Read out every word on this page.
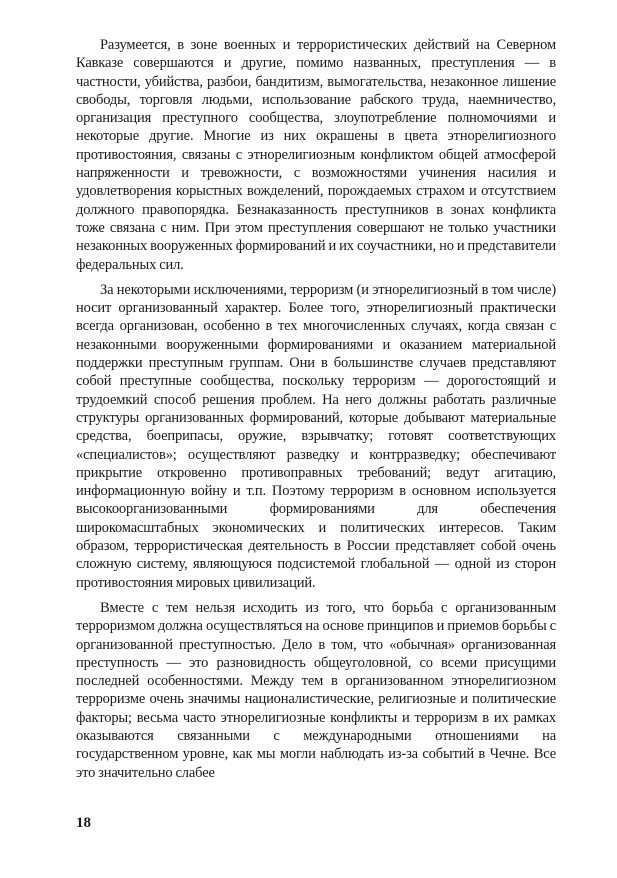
Разумеется, в зоне военных и террористических действий на Северном Кавказе совершаются и другие, помимо названных, преступления — в частности, убийства, разбои, бандитизм, вымогательства, незаконное лишение свободы, торговля людьми, использование рабского труда, наемничество, организация преступного сообщества, злоупотребление полномочиями и некоторые другие. Многие из них окрашены в цвета этнорелигиозного противостояния, связаны с этнорелигиозным конфликтом общей атмосферой напряженности и тревожности, с возможностями учинения насилия и удовлетворения корыстных вожделений, порождаемых страхом и отсутствием должного правопорядка. Безнаказанность преступников в зонах конфликта тоже связана с ним. При этом преступления совершают не только участники незаконных вооруженных формирований и их соучастники, но и представители федеральных сил.

За некоторыми исключениями, терроризм (и этнорелигиозный в том числе) носит организованный характер. Более того, этнорелигиозный практически всегда организован, особенно в тех многочисленных случаях, когда связан с незаконными вооруженными формированиями и оказанием материальной поддержки преступным группам. Они в большинстве случаев представляют собой преступные сообщества, поскольку терроризм — дорогостоящий и трудоемкий способ решения проблем. На него должны работать различные структуры организованных формирований, которые добывают материальные средства, боеприпасы, оружие, взрывчатку; готовят соответствующих «специалистов»; осуществляют разведку и контрразведку; обеспечивают прикрытие откровенно противоправных требований; ведут агитацию, информационную войну и т.п. Поэтому терроризм в основном используется высокоорганизованными формированиями для обеспечения широкомасштабных экономических и политических интересов. Таким образом, террористическая деятельность в России представляет собой очень сложную систему, являющуюся подсистемой глобальной — одной из сторон противостояния мировых цивилизаций.

Вместе с тем нельзя исходить из того, что борьба с организованным терроризмом должна осуществляться на основе принципов и приемов борьбы с организованной преступностью. Дело в том, что «обычная» организованная преступность — это разновидность общеуголовной, со всеми присущими последней особенностями. Между тем в организованном этнорелигиозном терроризме очень значимы националистические, религиозные и политические факторы; весьма часто этнорелигиозные конфликты и терроризм в их рамках оказываются связанными с международными отношениями на государственном уровне, как мы могли наблюдать из-за событий в Чечне. Все это значительно слабее

18
